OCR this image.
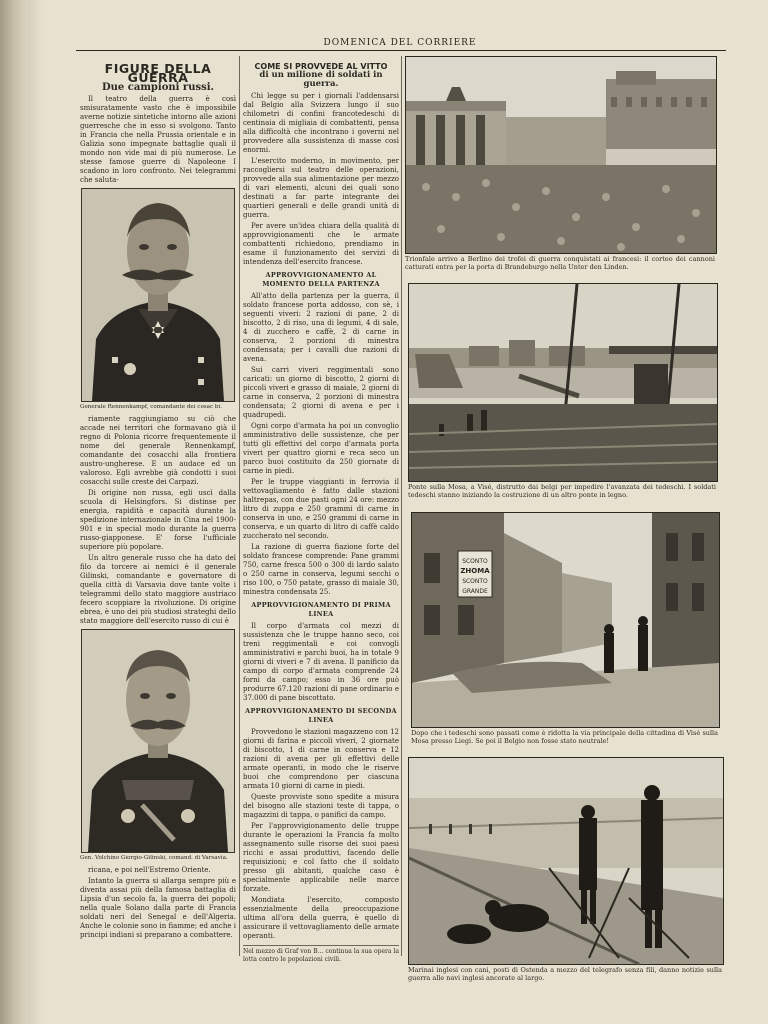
DOMENICA DEL CORRIERE
FIGURE DELLA GUERRA
Due campioni russi.

Il teatro della guerra è così smisuratamente vasto che è impossibile averne notizie sintetiche intorno alle azioni guerresche che in esso si svolgono. Tanto in Francia che nella Prussia orientale e in Galizia sono impegnate battaglie quali il mondo non vide mai di più numerose. Le stesse famose guerre di Napoleone I scadono in loro confronto. Nei telegrammi che saluta-

Generale Rennenkampf, comandante dei cosac bi.

riamente raggiungiamo su ciò che accade nei territori che formavano già il regno di Polonia ricorre frequentemente il nome del generale Rennenkampf, comandante dei cosacchi alla frontiera austro-ungherese. E un audace ed un valoroso. Egli avrebbe già condotti i suoi cosacchi sulle creste dei Carpazi.

Di origine non russa, egli uscì dalla scuola di Helsingfors. Si distinse per energia, rapidità e capacità durante la spedizione internazionale in Cina nel 1900-901 e in special modo durante la guerra russo-giapponese. E' forse l'ufficiale superiore più popolare.

Un altro generale russo che ha dato del filo da torcere ai nemici è il generale Gilinski, comandante e governatore di quella città di Varsavia dove tante volte i telegrammi dello stato maggiore austriaco fecero scoppiare la rivoluzione. Di origine ebrea, è uno dei più studiosi strateghi dello stato maggiore dell'esercito russo di cui è

Gen. Volchino Giorgio-Gilinski, comand. di Varsavia.

ricana, e poi nell'Estremo Oriente.

Intanto la guerra si allarga sempre più e diventa assai più della famosa battaglia di Lipsia d'un secolo fa, la guerra dei popoli; nella quale Solano dalla parte di Francia soldati neri del Senegal e dell'Algeria. Anche le colonie sono in fiamme; ed anche i principi indiani si preparano a combattere.

COME SI PROVVEDE AL VITTO
di un milione di soldati in guerra.

Chi legge su per i giornali l'addensarsi dal Belgio alla Svizzera lungo il suo chilometri di confini francotedeschi di centinaia di migliaia di combattenti, pensa alla difficoltà che incontrano i governi nel provvedere alla sussistenza di masse così enormi.

L'esercito moderno, in movimento, per raccogliersi sul teatro delle operazioni, provvede alla sua alimentazione per mezzo di vari elementi, alcuni dei quali sono destinati a far parte integrante dei quartieri generali e delle grandi unità di guerra.

Per avere un'idea chiara della qualità di approvvigionamenti che le armate combattenti richiedono, prendiamo in esame il funzionamento dei servizi di intendenza dell'esercito francese.

APPROVVIGIONAMENTO AL MOMENTO DELLA PARTENZA

All'atto della partenza per la guerra, il soldato francese porta addosso, con sè, i seguenti viveri: 2 razioni di pane, 2 di biscotto, 2 di riso, una di legumi, 4 di sale, 4 di zucchero e caffè, 2 di carne in conserva, 2 porzioni di minestra condensata; per i cavalli due razioni di avena.

Sui carri viveri reggimentali sono caricati: un giorno di biscotto, 2 giorni di piccoli viveri e grasso di maiale, 2 giorni di carne in conserva, 2 porzioni di minestra condensata; 2 giorni di avena e per i quadrupedi.

Ogni corpo d'armata ha poi un convoglio amministrativo delle sussistenze, che per tutti gli effettivi del corpo d'armata porta viveri per quattro giorni e reca seco un parco buoi costituito da 250 giornate di carne in piedi.

Per le truppe viaggianti in ferrovia il vettovagliamento è fatto dalle stazioni haltrepas, con due pasti ogni 24 ore: mezzo litro di zuppa e 250 grammi di carne in conserva in uno, e 250 grammi di carne in conserva, e un quarto di litro di caffè caldo zuccherato nel secondo.

La razione di guerra fiazione forte del soldato francese comprende: Pane grammi 750, carne fresca 500 o 300 di lardo salato o 250 carne in conserva, legumi secchi o riso 100, o 750 patate, grasso di maiale 30, minestra condensata 25.

APPROVVIGIONAMENTO DI PRIMA LINEA

Il corpo d'armata col mezzi di sussistenza che le truppe hanno seco, coi treni reggimentali e coi convogli amministrativi e parchi buoi, ha in totale 9 giorni di viveri e 7 di avena. Il panificio da campo di corpo d'armata comprende 24 forni da campo; esso in 36 ore può produrre 67.120 razioni di pane ordinario e 37.000 di pane biscottato.

APPROVVIGIONAMENTO DI SECONDA LINEA

Provvedono le stazioni magazzeno con 12 giorni di farina e piccoli viveri, 2 giornate di biscotto, 1 di carne in conserva e 12 razioni di avena per gli effettivi delle armate operanti, in modo che le riserve buoi che comprendono per ciascuna armata 10 giorni di carne in piedi.

Queste provviste sono spedite a misura del bisogno alle stazioni teste di tappa, o magazzini di tappa, o panifici da campo.

Per l'approvvigionamento delle truppe durante le operazioni la Francia fa molto assegnamento sulle risorse dei suoi paesi ricchi e assai produttivi, facendo delle requisizioni; e col fatto che il soldato presso gli abitanti, qualche caso è specialmente applicabile nelle marce forzate.

Mondiata l'esercito, composto essenzialmente della preoccupazione ultima all'ora della guerra, è quello di assicurare il vettovagliamento delle armate operanti.

Nel mezzo di Graf von B... continua la sua opera la lotta contro le popolazioni civili.
Trionfale arrivo a Berlino dei trofei di guerra conquistati ai francesi: il corteo dei cannoni catturati entra per la porta di Brandeburgo nella Unter den Linden.
Ponte sulla Mosa, a Visé, distrutto dai belgi per impedire l'avanzata dei tedeschi. I soldati tedeschi stanno iniziando la costruzione di un altro ponte in legno.
SCONTO
ZHOMA
SCONTO
GRANDE
Dopo che i tedeschi sono passati come è ridotta la via principale della cittadina di Visé sulla Mosa presso Liegi. Se poi il Belgio non fosse stato neutrale!
Marinai inglesi con cani, posti di Ostenda a mezzo del telegrafo senza fili, danno notizie sulla guerra alle navi inglesi ancorate al largo.
